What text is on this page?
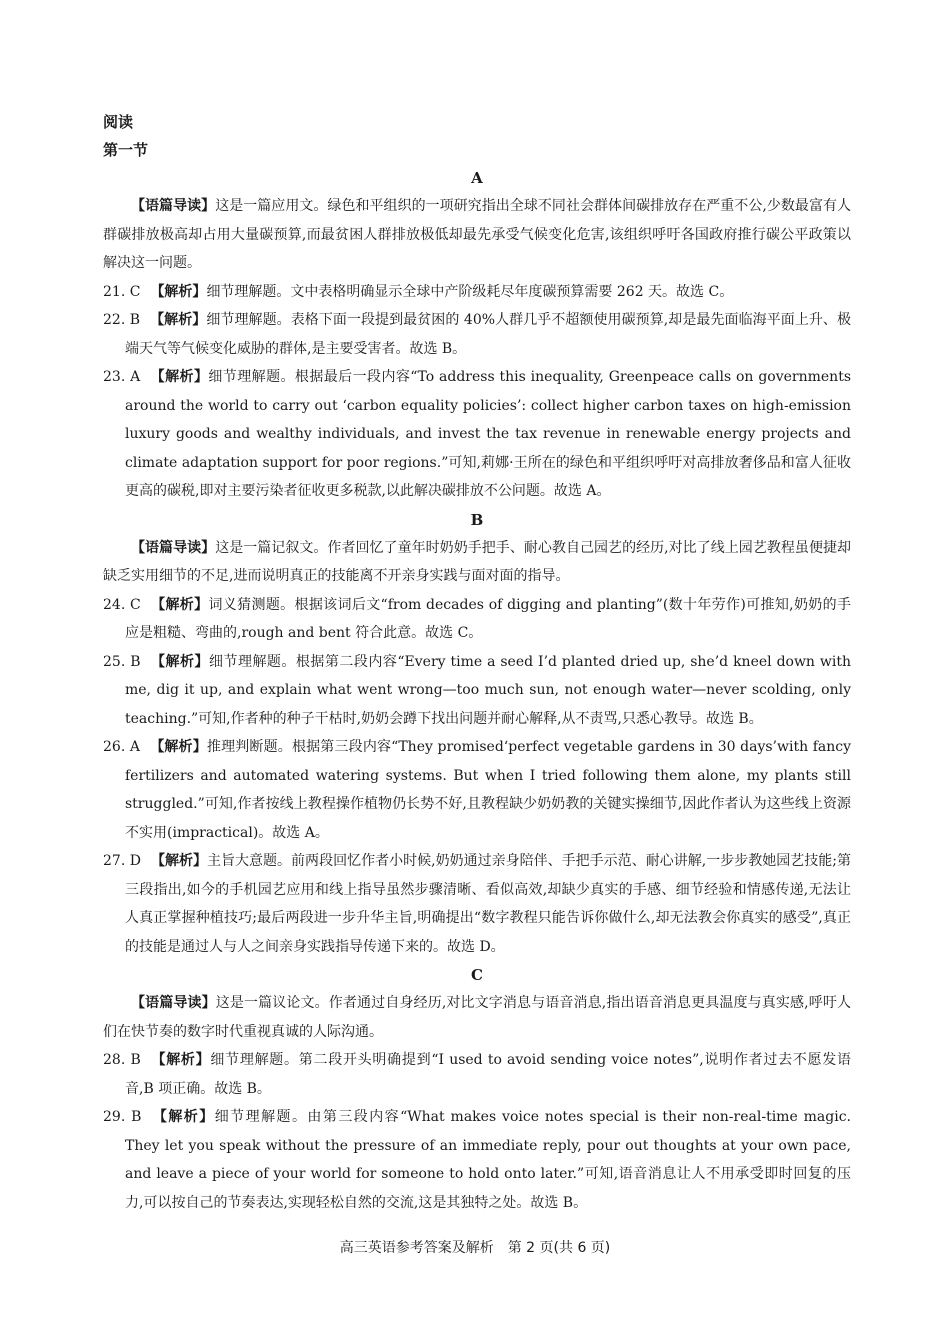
阅读
第一节
A

【语篇导读】这是一篇应用文。绿色和平组织的一项研究指出全球不同社会群体间碳排放存在严重不公,少数最富有人群碳排放极高却占用大量碳预算,而最贫困人群排放极低却最先承受气候变化危害,该组织呼吁各国政府推行碳公平政策以解决这一问题。

21. C 【解析】细节理解题。文中表格明确显示全球中产阶级耗尽年度碳预算需要 262 天。故选 C。

22. B 【解析】细节理解题。表格下面一段提到最贫困的 40%人群几乎不超额使用碳预算,却是最先面临海平面上升、极端天气等气候变化威胁的群体,是主要受害者。故选 B。

23. A 【解析】细节理解题。根据最后一段内容“To address this inequality, Greenpeace calls on governments around the world to carry out ‘carbon equality policies’: collect higher carbon taxes on high-emission luxury goods and wealthy individuals, and invest the tax revenue in renewable energy projects and climate adaptation support for poor regions.”可知,莉娜·王所在的绿色和平组织呼吁对高排放奢侈品和富人征收更高的碳税,即对主要污染者征收更多税款,以此解决碳排放不公问题。故选 A。

B

【语篇导读】这是一篇记叙文。作者回忆了童年时奶奶手把手、耐心教自己园艺的经历,对比了线上园艺教程虽便捷却缺乏实用细节的不足,进而说明真正的技能离不开亲身实践与面对面的指导。

24. C 【解析】词义猜测题。根据该词后文“from decades of digging and planting”(数十年劳作)可推知,奶奶的手应是粗糙、弯曲的,rough and bent 符合此意。故选 C。

25. B 【解析】细节理解题。根据第二段内容“Every time a seed I’d planted dried up, she’d kneel down with me, dig it up, and explain what went wrong—too much sun, not enough water—never scolding, only teaching.”可知,作者种的种子干枯时,奶奶会蹲下找出问题并耐心解释,从不责骂,只悉心教导。故选 B。

26. A 【解析】推理判断题。根据第三段内容“They promised‘perfect vegetable gardens in 30 days’with fancy fertilizers and automated watering systems. But when I tried following them alone, my plants still struggled.”可知,作者按线上教程操作植物仍长势不好,且教程缺少奶奶教的关键实操细节,因此作者认为这些线上资源不实用(impractical)。故选 A。

27. D 【解析】主旨大意题。前两段回忆作者小时候,奶奶通过亲身陪伴、手把手示范、耐心讲解,一步步教她园艺技能;第三段指出,如今的手机园艺应用和线上指导虽然步骤清晰、看似高效,却缺少真实的手感、细节经验和情感传递,无法让人真正掌握种植技巧;最后两段进一步升华主旨,明确提出“数字教程只能告诉你做什么,却无法教会你真实的感受”,真正的技能是通过人与人之间亲身实践指导传递下来的。故选 D。

C

【语篇导读】这是一篇议论文。作者通过自身经历,对比文字消息与语音消息,指出语音消息更具温度与真实感,呼吁人们在快节奏的数字时代重视真诚的人际沟通。

28. B 【解析】细节理解题。第二段开头明确提到“I used to avoid sending voice notes”,说明作者过去不愿发语音,B 项正确。故选 B。

29. B 【解析】细节理解题。由第三段内容“What makes voice notes special is their non-real-time magic. They let you speak without the pressure of an immediate reply, pour out thoughts at your own pace, and leave a piece of your world for someone to hold onto later.”可知,语音消息让人不用承受即时回复的压力,可以按自己的节奏表达,实现轻松自然的交流,这是其独特之处。故选 B。

高三英语参考答案及解析　第 2 页(共 6 页)
